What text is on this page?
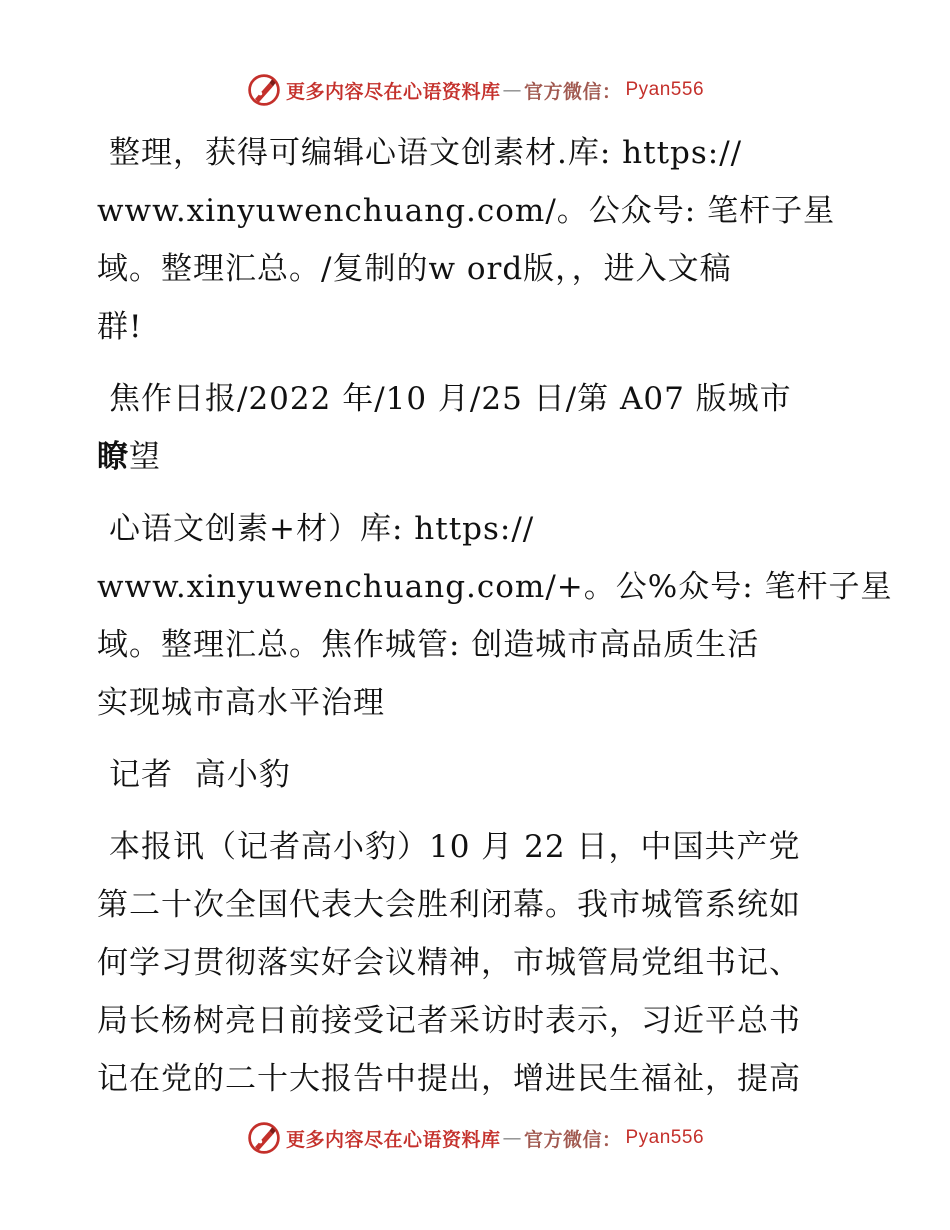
更多内容尽在心语资料库 — 官方微信： Pyan556
整理，获得可编辑心语文创素材.库: https://
www.xinyuwenchuang.com/。公众号: 笔杆子星
域。整理汇总。/复制的w ord版，，进入文稿
群!
焦作日报/2022 年/10 月/25 日/第 A07 版城市
瞭望
心语文创素+材）库: https://
www.xinyuwenchuang.com/+。公%众号: 笔杆子星
域。整理汇总。焦作城管: 创造城市高品质生活
实现城市高水平治理
记者  高小豹
本报讯（记者高小豹）10 月 22 日，中国共产党
第二十次全国代表大会胜利闭幕。我市城管系统如
何学习贯彻落实好会议精神，市城管局党组书记、
局长杨树亮日前接受记者采访时表示，习近平总书
记在党的二十大报告中提出，增进民生福祉，提高
更多内容尽在心语资料库 — 官方微信： Pyan556
